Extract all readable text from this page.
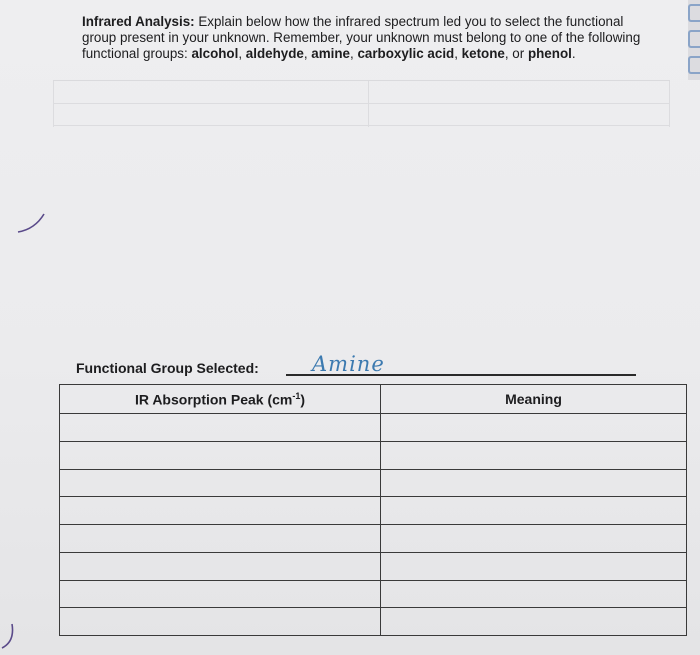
Infrared Analysis: Explain below how the infrared spectrum led you to select the functional group present in your unknown. Remember, your unknown must belong to one of the following functional groups: alcohol, aldehyde, amine, carboxylic acid, ketone, or phenol.
Functional Group Selected:	Amine
IR Absorption Peak $(cm^{-1})$	Meaning
